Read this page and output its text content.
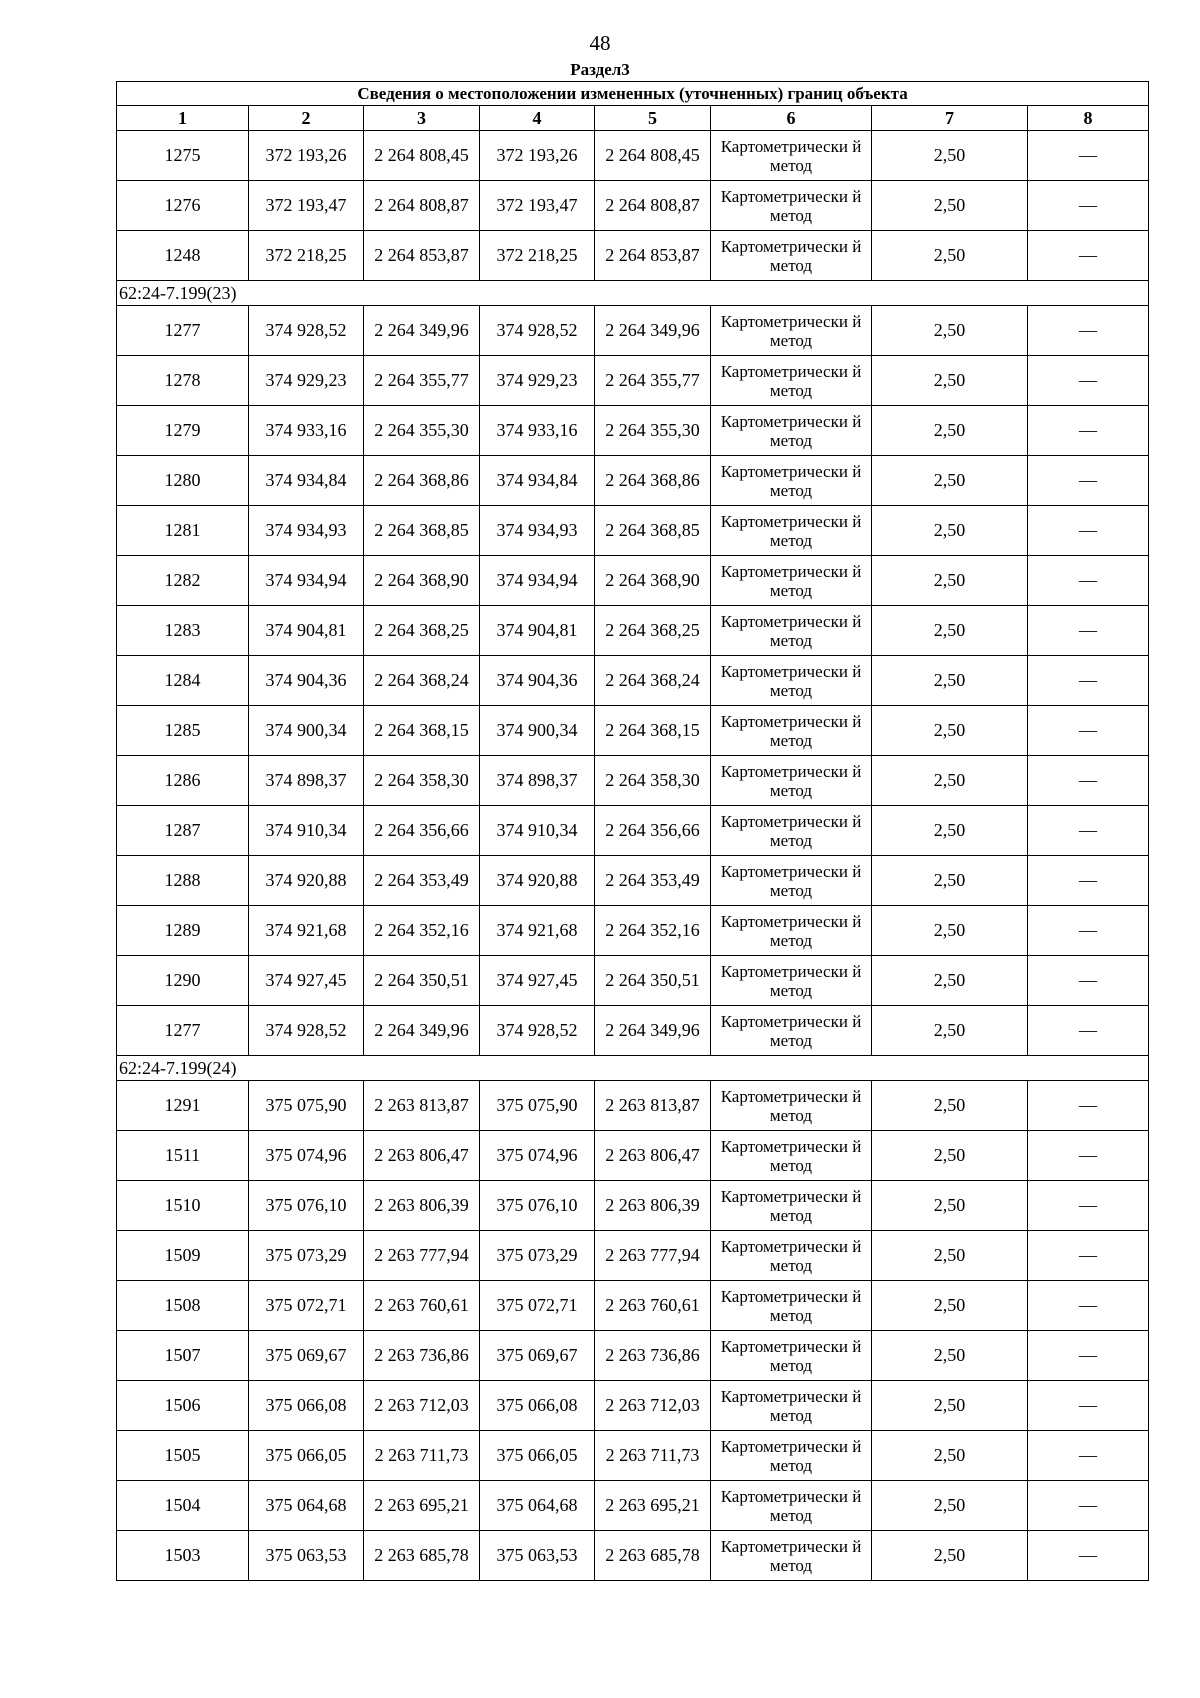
48
Раздел3
Сведения о местоположении измененных (уточненных) границ объекта							
1	2	3	4	5	6	7	8
1275	372 193,26	2 264 808,45	372 193,26	2 264 808,45	Картометрически й метод	2,50	—
1276	372 193,47	2 264 808,87	372 193,47	2 264 808,87	Картометрически й метод	2,50	—
1248	372 218,25	2 264 853,87	372 218,25	2 264 853,87	Картометрически й метод	2,50	—
62:24-7.199(23)							
1277	374 928,52	2 264 349,96	374 928,52	2 264 349,96	Картометрически й метод	2,50	—
1278	374 929,23	2 264 355,77	374 929,23	2 264 355,77	Картометрически й метод	2,50	—
1279	374 933,16	2 264 355,30	374 933,16	2 264 355,30	Картометрически й метод	2,50	—
1280	374 934,84	2 264 368,86	374 934,84	2 264 368,86	Картометрически й метод	2,50	—
1281	374 934,93	2 264 368,85	374 934,93	2 264 368,85	Картометрически й метод	2,50	—
1282	374 934,94	2 264 368,90	374 934,94	2 264 368,90	Картометрически й метод	2,50	—
1283	374 904,81	2 264 368,25	374 904,81	2 264 368,25	Картометрически й метод	2,50	—
1284	374 904,36	2 264 368,24	374 904,36	2 264 368,24	Картометрически й метод	2,50	—
1285	374 900,34	2 264 368,15	374 900,34	2 264 368,15	Картометрически й метод	2,50	—
1286	374 898,37	2 264 358,30	374 898,37	2 264 358,30	Картометрически й метод	2,50	—
1287	374 910,34	2 264 356,66	374 910,34	2 264 356,66	Картометрически й метод	2,50	—
1288	374 920,88	2 264 353,49	374 920,88	2 264 353,49	Картометрически й метод	2,50	—
1289	374 921,68	2 264 352,16	374 921,68	2 264 352,16	Картометрически й метод	2,50	—
1290	374 927,45	2 264 350,51	374 927,45	2 264 350,51	Картометрически й метод	2,50	—
1277	374 928,52	2 264 349,96	374 928,52	2 264 349,96	Картометрически й метод	2,50	—
62:24-7.199(24)							
1291	375 075,90	2 263 813,87	375 075,90	2 263 813,87	Картометрически й метод	2,50	—
1511	375 074,96	2 263 806,47	375 074,96	2 263 806,47	Картометрически й метод	2,50	—
1510	375 076,10	2 263 806,39	375 076,10	2 263 806,39	Картометрически й метод	2,50	—
1509	375 073,29	2 263 777,94	375 073,29	2 263 777,94	Картометрически й метод	2,50	—
1508	375 072,71	2 263 760,61	375 072,71	2 263 760,61	Картометрически й метод	2,50	—
1507	375 069,67	2 263 736,86	375 069,67	2 263 736,86	Картометрически й метод	2,50	—
1506	375 066,08	2 263 712,03	375 066,08	2 263 712,03	Картометрически й метод	2,50	—
1505	375 066,05	2 263 711,73	375 066,05	2 263 711,73	Картометрически й метод	2,50	—
1504	375 064,68	2 263 695,21	375 064,68	2 263 695,21	Картометрически й метод	2,50	—
1503	375 063,53	2 263 685,78	375 063,53	2 263 685,78	Картометрически й метод	2,50	—
